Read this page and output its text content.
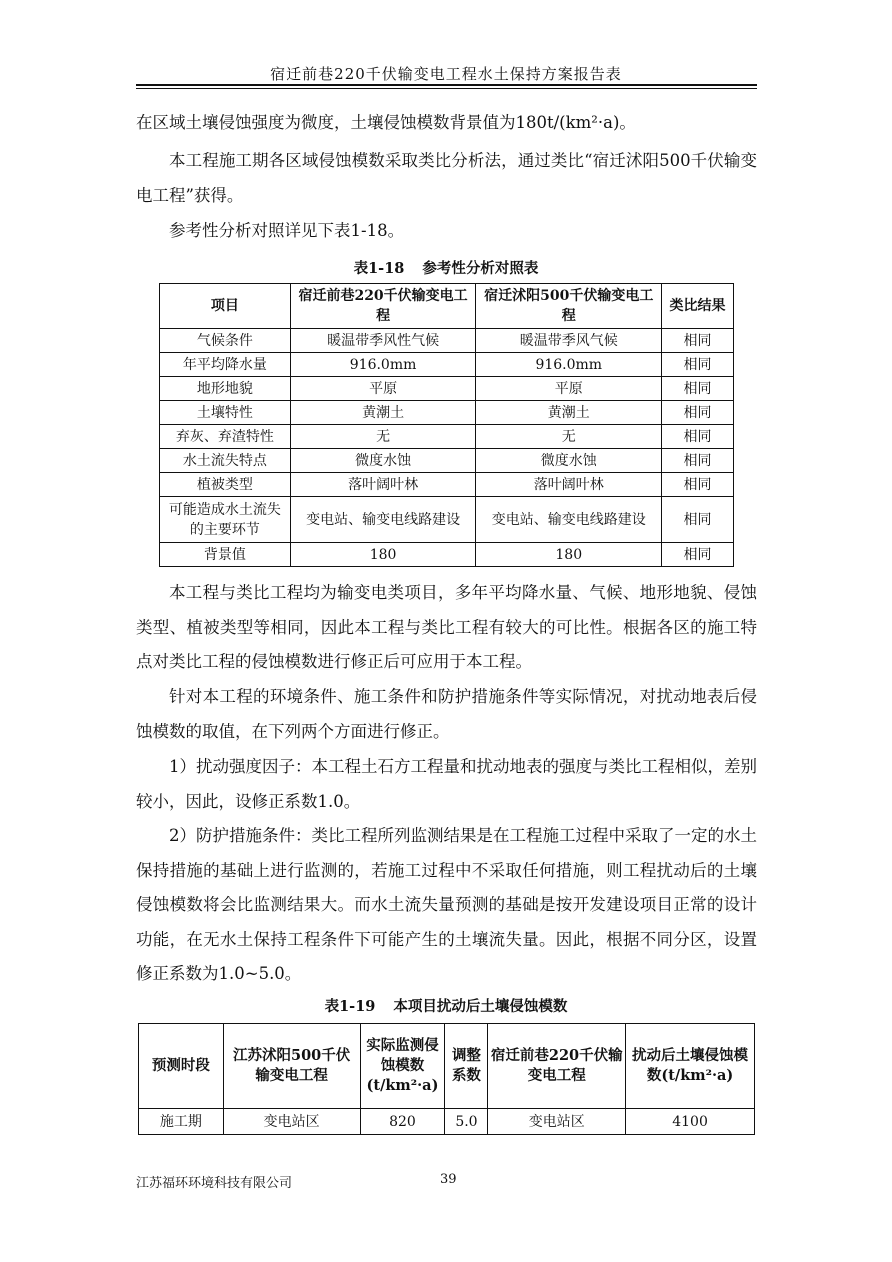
宿迁前巷220千伏输变电工程水土保持方案报告表

在区域土壤侵蚀强度为微度，土壤侵蚀模数背景值为180t/(km²·a)。

本工程施工期各区域侵蚀模数采取类比分析法，通过类比“宿迁沭阳500千伏输变电工程”获得。

参考性分析对照详见下表1-18。

表1-18 参考性分析对照表
项目	宿迁前巷220千伏输变电工程	宿迁沭阳500千伏输变电工程	类比结果
气候条件	暖温带季风性气候	暖温带季风气候	相同
年平均降水量	916.0mm	916.0mm	相同
地形地貌	平原	平原	相同
土壤特性	黄潮土	黄潮土	相同
弃灰、弃渣特性	无	无	相同
水土流失特点	微度水蚀	微度水蚀	相同
植被类型	落叶阔叶林	落叶阔叶林	相同
可能造成水土流失的主要环节	变电站、输变电线路建设	变电站、输变电线路建设	相同
背景值	180	180	相同

本工程与类比工程均为输变电类项目，多年平均降水量、气候、地形地貌、侵蚀类型、植被类型等相同，因此本工程与类比工程有较大的可比性。根据各区的施工特点对类比工程的侵蚀模数进行修正后可应用于本工程。

针对本工程的环境条件、施工条件和防护措施条件等实际情况，对扰动地表后侵蚀模数的取值，在下列两个方面进行修正。

1）扰动强度因子：本工程土石方工程量和扰动地表的强度与类比工程相似，差别较小，因此，设修正系数1.0。

2）防护措施条件：类比工程所列监测结果是在工程施工过程中采取了一定的水土保持措施的基础上进行监测的，若施工过程中不采取任何措施，则工程扰动后的土壤侵蚀模数将会比监测结果大。而水土流失量预测的基础是按开发建设项目正常的设计功能，在无水土保持工程条件下可能产生的土壤流失量。因此，根据不同分区，设置修正系数为1.0~5.0。

表1-19 本项目扰动后土壤侵蚀模数
预测时段	江苏沭阳500千伏输变电工程	实际监测侵蚀模数(t/km²·a)	调整系数	宿迁前巷220千伏输变电工程	扰动后土壤侵蚀模数(t/km²·a)
施工期	变电站区	820	5.0	变电站区	4100
江苏福环环境科技有限公司	39
